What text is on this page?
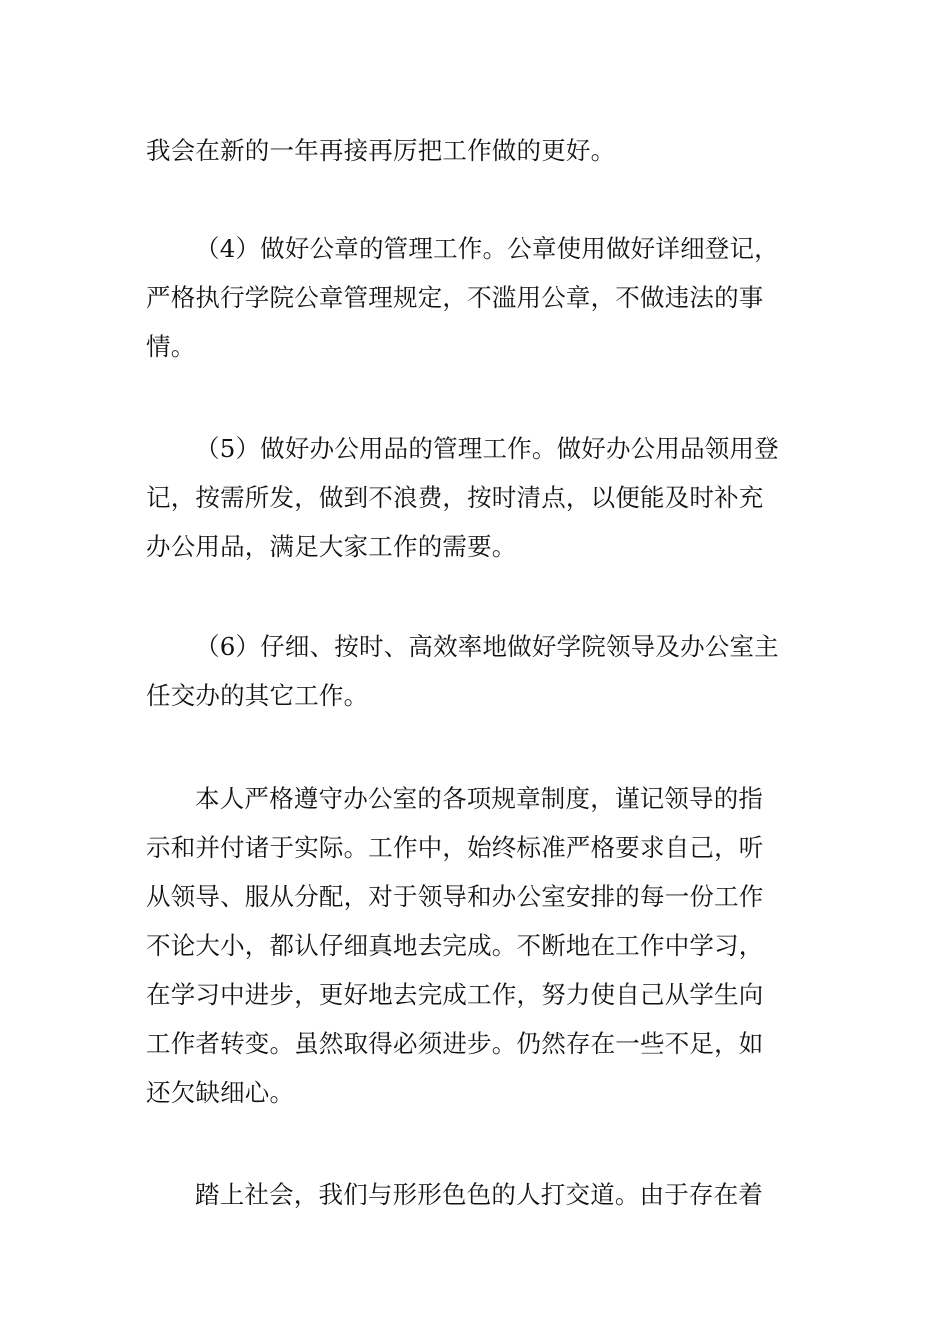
我会在新的一年再接再厉把工作做的更好。

（4）做好公章的管理工作。公章使用做好详细登记，
严格执行学院公章管理规定，不滥用公章，不做违法的事
情。

（5）做好办公用品的管理工作。做好办公用品领用登
记，按需所发，做到不浪费，按时清点，以便能及时补充
办公用品，满足大家工作的需要。

（6）仔细、按时、高效率地做好学院领导及办公室主
任交办的其它工作。

本人严格遵守办公室的各项规章制度，谨记领导的指
示和并付诸于实际。工作中，始终标准严格要求自己，听
从领导、服从分配，对于领导和办公室安排的每一份工作
不论大小，都认仔细真地去完成。不断地在工作中学习，
在学习中进步，更好地去完成工作，努力使自己从学生向
工作者转变。虽然取得必须进步。仍然存在一些不足，如
还欠缺细心。

踏上社会，我们与形形色色的人打交道。由于存在着
